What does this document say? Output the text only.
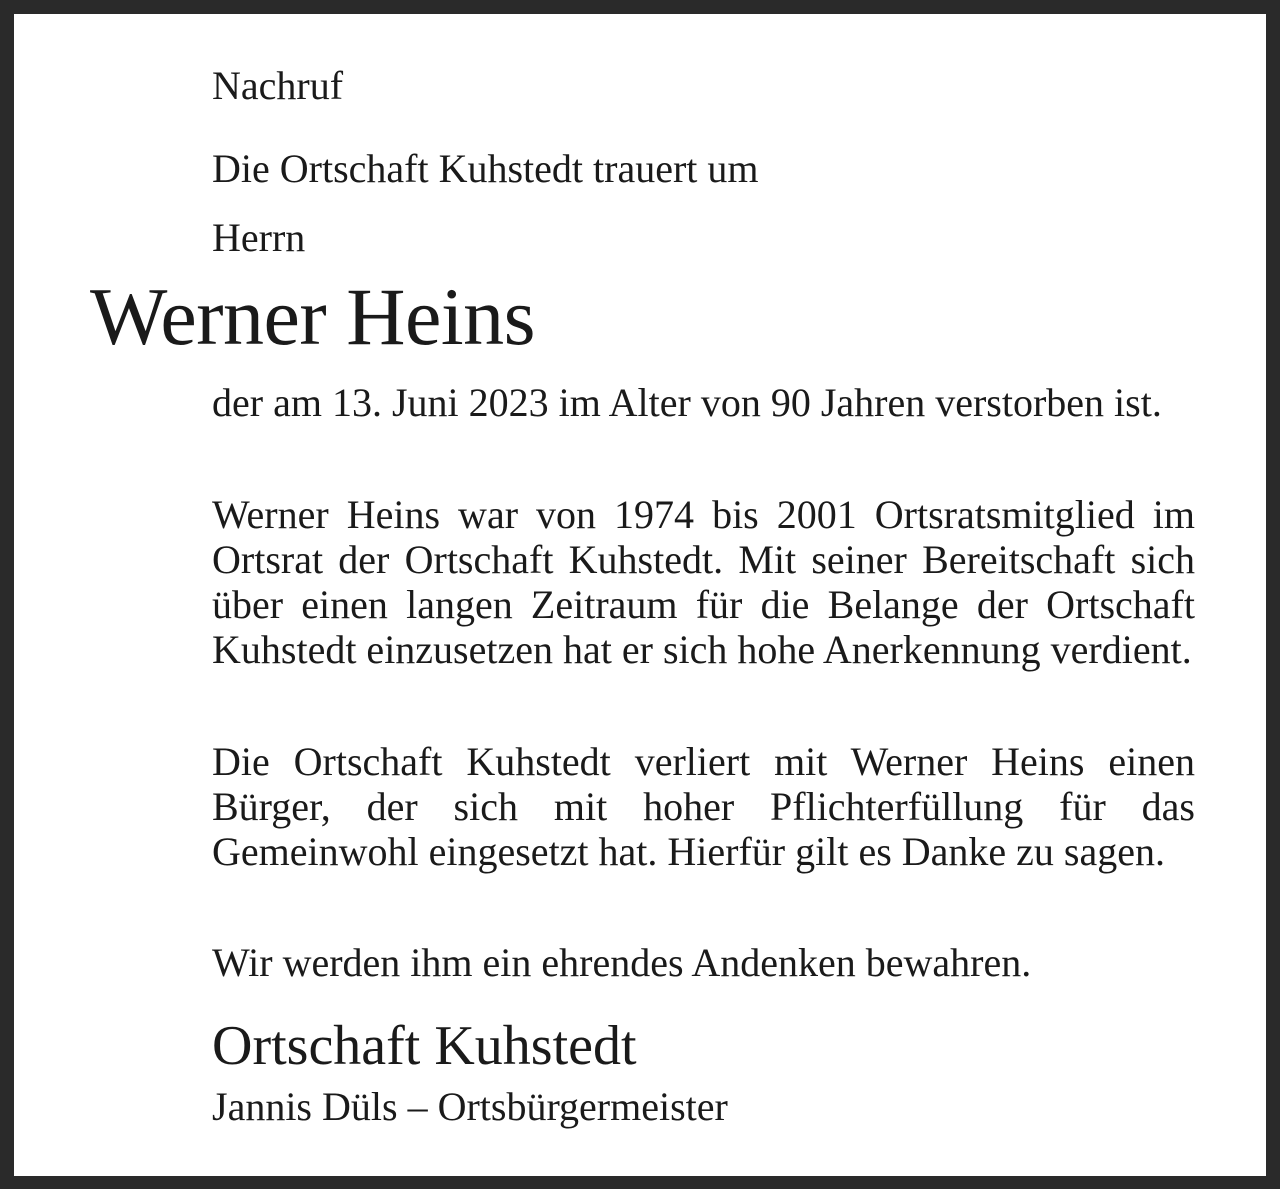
Nachruf

Die Ortschaft Kuhstedt trauert um

Herrn

Werner Heins

der am 13. Juni 2023 im Alter von 90 Jahren verstorben ist.

Werner Heins war von 1974 bis 2001 Ortsratsmitglied im Ortsrat der Ortschaft Kuhstedt. Mit seiner Bereitschaft sich über einen langen Zeitraum für die Belange der Ortschaft Kuhstedt einzusetzen hat er sich hohe Anerkennung verdient.

Die Ortschaft Kuhstedt verliert mit Werner Heins einen Bürger, der sich mit hoher Pflichterfüllung für das Gemeinwohl eingesetzt hat. Hierfür gilt es Danke zu sagen.

Wir werden ihm ein ehrendes Andenken bewahren.

Ortschaft Kuhstedt

Jannis Düls – Ortsbürgermeister
